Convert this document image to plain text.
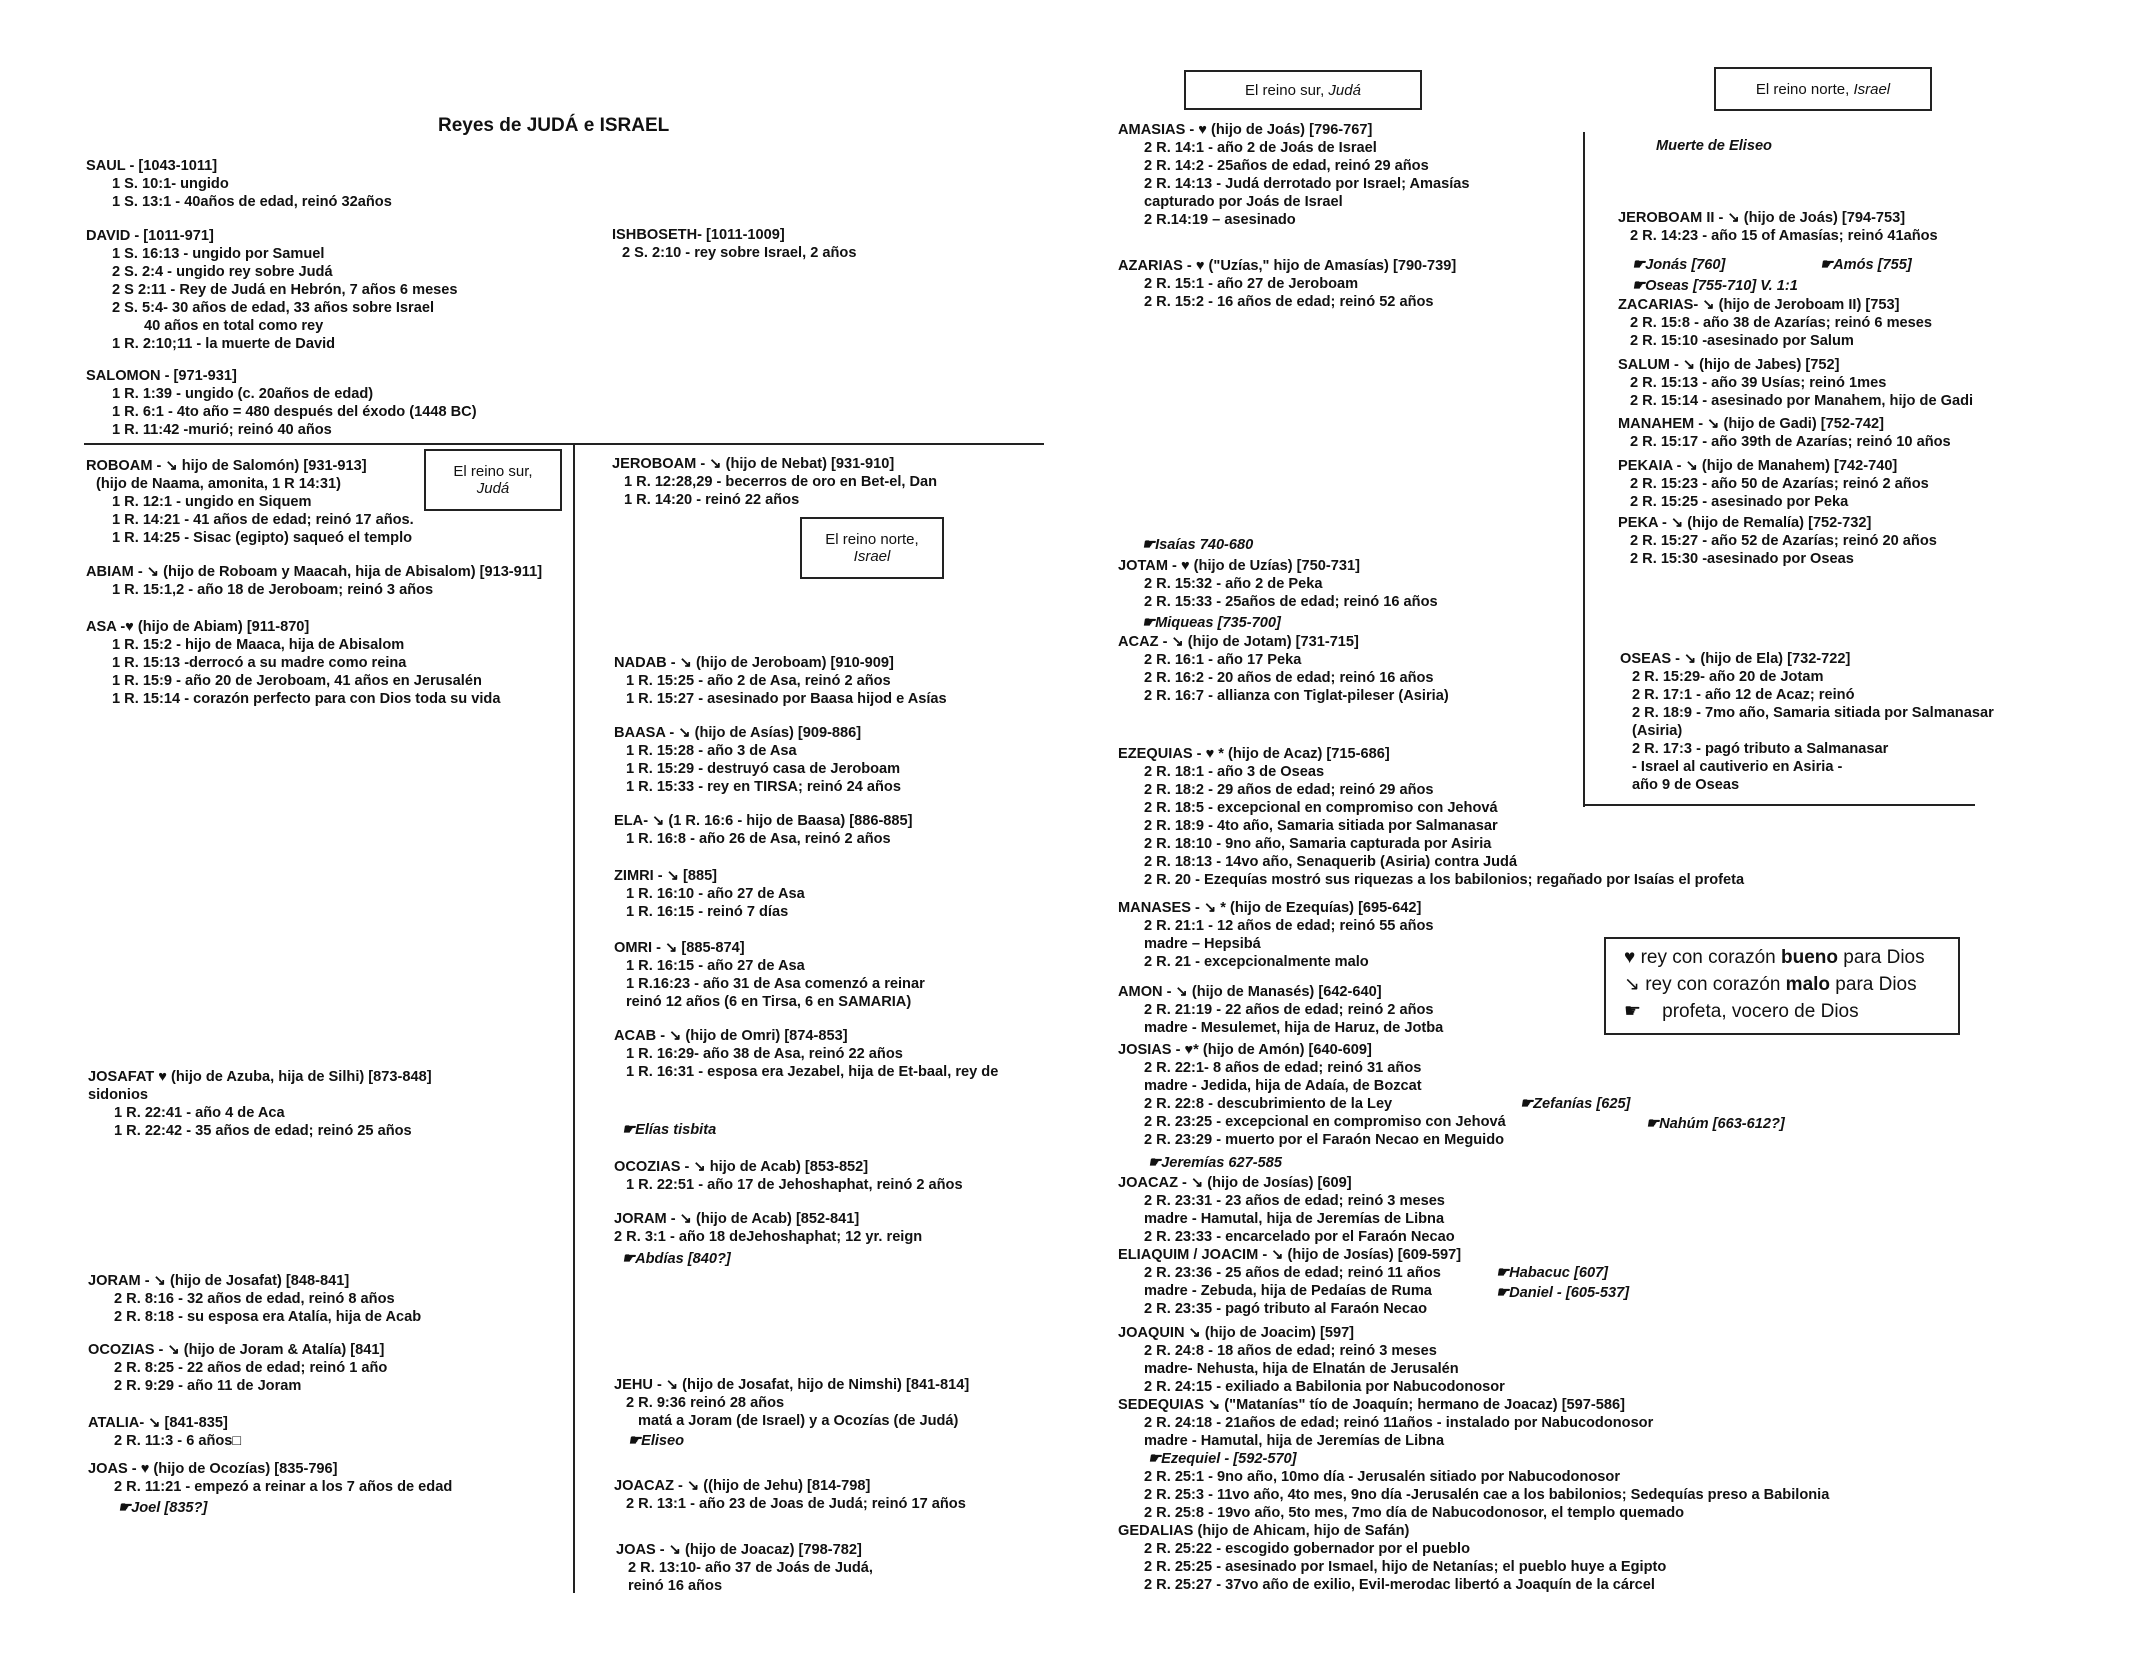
Reyes de JUDÁ e ISRAEL
El reino sur, Judá	El reino norte, Israel
El reino sur,
Judá
El reino norte,
Israel
SAUL - [1043-1011]
1 S. 10:1- ungido
1 S. 13:1 - 40años de edad, reinó 32años
DAVID - [1011-971]
1 S. 16:13 - ungido por Samuel
2 S. 2:4 - ungido rey sobre Judá
2 S 2:11 - Rey de Judá en Hebrón, 7 años 6 meses
2 S. 5:4- 30 años de edad, 33 años sobre Israel
40 años en total como rey
1 R. 2:10;11 - la muerte de David
SALOMON - [971-931]
1 R. 1:39 - ungido (c. 20años de edad)
1 R. 6:1 - 4to año = 480 después del éxodo (1448 BC)
1 R. 11:42 -murió; reinó 40 años
ROBOAM - ↘ hijo de Salomón) [931-913]
(hijo de Naama, amonita, 1 R 14:31)
1 R. 12:1 - ungido en Siquem
1 R. 14:21 - 41 años de edad; reinó 17 años.
1 R. 14:25 - Sisac (egipto) saqueó el templo
ABIAM - ↘ (hijo de Roboam y Maacah, hija de Abisalom) [913-911]
1 R. 15:1,2 - año 18 de Jeroboam; reinó 3 años
ASA -♥ (hijo de Abiam) [911-870]
1 R. 15:2 - hijo de Maaca, hija de Abisalom
1 R. 15:13 -derrocó a su madre como reina
1 R. 15:9 - año 20 de Jeroboam, 41 años en Jerusalén
1 R. 15:14 - corazón perfecto para con Dios toda su vida
JOSAFAT ♥ (hijo de Azuba, hija de Silhi) [873-848]
sidonios
1 R. 22:41 - año 4 de Aca
1 R. 22:42 - 35 años de edad; reinó 25 años
JORAM - ↘ (hijo de Josafat) [848-841]
2 R. 8:16 - 32 años de edad, reinó 8 años
2 R. 8:18 - su esposa era Atalía, hija de Acab
OCOZIAS - ↘ (hijo de Joram & Atalía) [841]
2 R. 8:25 - 22 años de edad; reinó 1 año
2 R. 9:29 - año 11 de Joram
ATALIA- ↘ [841-835]
2 R. 11:3 - 6 años□
JOAS - ♥ (hijo de Ocozías) [835-796]
2 R. 11:21 - empezó a reinar a los 7 años de edad
☛Joel [835?]
ISHBOSETH- [1011-1009]
2 S. 2:10 - rey sobre Israel, 2 años
JEROBOAM - ↘ (hijo de Nebat) [931-910]
1 R. 12:28,29 - becerros de oro en Bet-el, Dan
1 R. 14:20 - reinó 22 años
NADAB - ↘ (hijo de Jeroboam) [910-909]
1 R. 15:25 - año 2 de Asa, reinó 2 años
1 R. 15:27 - asesinado por Baasa hijod e Asías
BAASA - ↘ (hijo de Asías) [909-886]
1 R. 15:28 - año 3 de Asa
1 R. 15:29 - destruyó casa de Jeroboam
1 R. 15:33 - rey en TIRSA; reinó 24 años
ELA- ↘ (1 R. 16:6 - hijo de Baasa) [886-885]
1 R. 16:8 - año 26 de Asa, reinó 2 años
ZIMRI - ↘ [885]
1 R. 16:10 - año 27 de Asa
1 R. 16:15 - reinó 7 días
OMRI - ↘ [885-874]
1 R. 16:15 - año 27 de Asa
1 R.16:23 - año 31 de Asa comenzó a reinar
reinó 12 años (6 en Tirsa, 6 en SAMARIA)
ACAB - ↘ (hijo de Omri) [874-853]
1 R. 16:29- año 38 de Asa, reinó 22 años
1 R. 16:31 - esposa era Jezabel, hija de Et-baal, rey de
☛Elías tisbita
OCOZIAS - ↘ hijo de Acab) [853-852]
1 R. 22:51 - año 17 de Jehoshaphat, reinó 2 años
JORAM - ↘ (hijo de Acab) [852-841]
2 R. 3:1 - año 18 deJehoshaphat; 12 yr. reign
☛Abdías [840?]
JEHU - ↘ (hijo de Josafat, hijo de Nimshi) [841-814]
2 R. 9:36 reinó 28 años
matá a Joram (de Israel) y a Ocozías (de Judá)
☛Eliseo
JOACAZ - ↘ ((hijo de Jehu) [814-798]
2 R. 13:1 - año 23 de Joas de Judá; reinó 17 años
JOAS - ↘ (hijo de Joacaz) [798-782]
2 R. 13:10- año 37 de Joás de Judá,
reinó 16 años
AMASIAS - ♥ (hijo de Joás) [796-767]
2 R. 14:1 - año 2 de Joás de Israel
2 R. 14:2 - 25años de edad, reinó 29 años
2 R. 14:13 - Judá derrotado por Israel; Amasías
capturado por Joás de Israel
2 R.14:19 – asesinado
AZARIAS - ♥ ("Uzías," hijo de Amasías) [790-739]
2 R. 15:1 - año 27 de Jeroboam
2 R. 15:2 - 16 años de edad; reinó 52 años
☛Isaías 740-680
JOTAM - ♥ (hijo de Uzías) [750-731]
2 R. 15:32 - año 2 de Peka
2 R. 15:33 - 25años de edad; reinó 16 años
☛Miqueas [735-700]
ACAZ - ↘ (hijo de Jotam) [731-715]
2 R. 16:1 - año 17 Peka
2 R. 16:2 - 20 años de edad; reinó 16 años
2 R. 16:7 - allianza con Tiglat-pileser (Asiria)
EZEQUIAS - ♥ * (hijo de Acaz) [715-686]
2 R. 18:1 - año 3 de Oseas
2 R. 18:2 - 29 años de edad; reinó 29 años
2 R. 18:5 - excepcional en compromiso con Jehová
2 R. 18:9 - 4to año, Samaria sitiada por Salmanasar
2 R. 18:10 - 9no año, Samaria capturada por Asiria
2 R. 18:13 - 14vo año, Senaquerib (Asiria) contra Judá
2 R. 20 - Ezequías mostró sus riquezas a los babilonios; regañado por Isaías el profeta
MANASES - ↘ * (hijo de Ezequías) [695-642]
2 R. 21:1 - 12 años de edad; reinó 55 años
madre – Hepsibá
2 R. 21 - excepcionalmente malo
AMON - ↘ (hijo de Manasés) [642-640]
2 R. 21:19 - 22 años de edad; reinó 2 años
madre - Mesulemet, hija de Haruz, de Jotba
JOSIAS - ♥* (hijo de Amón) [640-609]
2 R. 22:1- 8 años de edad; reinó 31 años
madre - Jedida, hija de Adaía, de Bozcat
2 R. 22:8 - descubrimiento de la Ley
2 R. 23:25 - excepcional en compromiso con Jehová
2 R. 23:29 - muerto por el Faraón Necao en Meguido
☛Zefanías [625]
☛Nahúm [663-612?]
☛Jeremías 627-585
JOACAZ - ↘ (hijo de Josías) [609]
2 R. 23:31 - 23 años de edad; reinó 3 meses
madre - Hamutal, hija de Jeremías de Libna
2 R. 23:33 - encarcelado por el Faraón Necao
ELIAQUIM / JOACIM - ↘ (hijo de Josías) [609-597]
2 R. 23:36 - 25 años de edad; reinó 11 años
madre - Zebuda, hija de Pedaías de Ruma
2 R. 23:35 - pagó tributo al Faraón Necao
☛Habacuc [607]
☛Daniel - [605-537]
JOAQUIN ↘ (hijo de Joacim) [597]
2 R. 24:8 - 18 años de edad; reinó 3 meses
madre- Nehusta, hija de Elnatán de Jerusalén
2 R. 24:15 - exiliado a Babilonia por Nabucodonosor
SEDEQUIAS ↘ ("Matanías" tío de Joaquín; hermano de Joacaz) [597-586]
2 R. 24:18 - 21años de edad; reinó 11años - instalado por Nabucodonosor
madre - Hamutal, hija de Jeremías de Libna
☛Ezequiel - [592-570]
2 R. 25:1 - 9no año, 10mo día - Jerusalén sitiado por Nabucodonosor
2 R. 25:3 - 11vo año, 4to mes, 9no día -Jerusalén cae a los babilonios; Sedequías preso a Babilonia
2 R. 25:8 - 19vo año, 5to mes, 7mo día de Nabucodonosor, el templo quemado
GEDALIAS (hijo de Ahicam, hijo de Safán)
2 R. 25:22 - escogido gobernador por el pueblo
2 R. 25:25 - asesinado por Ismael, hijo de Netanías; el pueblo huye a Egipto
2 R. 25:27 - 37vo año de exilio, Evil-merodac libertó a Joaquín de la cárcel
Muerte de Eliseo
JEROBOAM II - ↘ (hijo de Joás) [794-753]
2 R. 14:23 - año 15 of Amasías; reinó 41años
☛Jonás [760]	☛Amós [755]
☛Oseas [755-710] V. 1:1
ZACARIAS- ↘ (hijo de Jeroboam II) [753]
2 R. 15:8 - año 38 de Azarías; reinó 6 meses
2 R. 15:10 -asesinado por Salum
SALUM - ↘ (hijo de Jabes) [752]
2 R. 15:13 - año 39 Usías; reinó 1mes
2 R. 15:14 - asesinado por Manahem, hijo de Gadi
MANAHEM - ↘ (hijo de Gadi) [752-742]
2 R. 15:17 - año 39th de Azarías; reinó 10 años
PEKAIA - ↘ (hijo de Manahem) [742-740]
2 R. 15:23 - año 50 de Azarías; reinó 2 años
2 R. 15:25 - asesinado por Peka
PEKA - ↘ (hijo de Remalía) [752-732]
2 R. 15:27 - año 52 de Azarías; reinó 20 años
2 R. 15:30 -asesinado por Oseas
OSEAS - ↘ (hijo de Ela) [732-722]
2 R. 15:29- año 20 de Jotam
2 R. 17:1 - año 12 de Acaz; reinó
2 R. 18:9 - 7mo año, Samaria sitiada por Salmanasar
(Asiria)
2 R. 17:3 - pagó tributo a Salmanasar
- Israel al cautiverio en Asiria -
año 9 de Oseas
♥ rey con corazón bueno para Dios
↘ rey con corazón malo para Dios
☛    profeta, vocero de Dios
